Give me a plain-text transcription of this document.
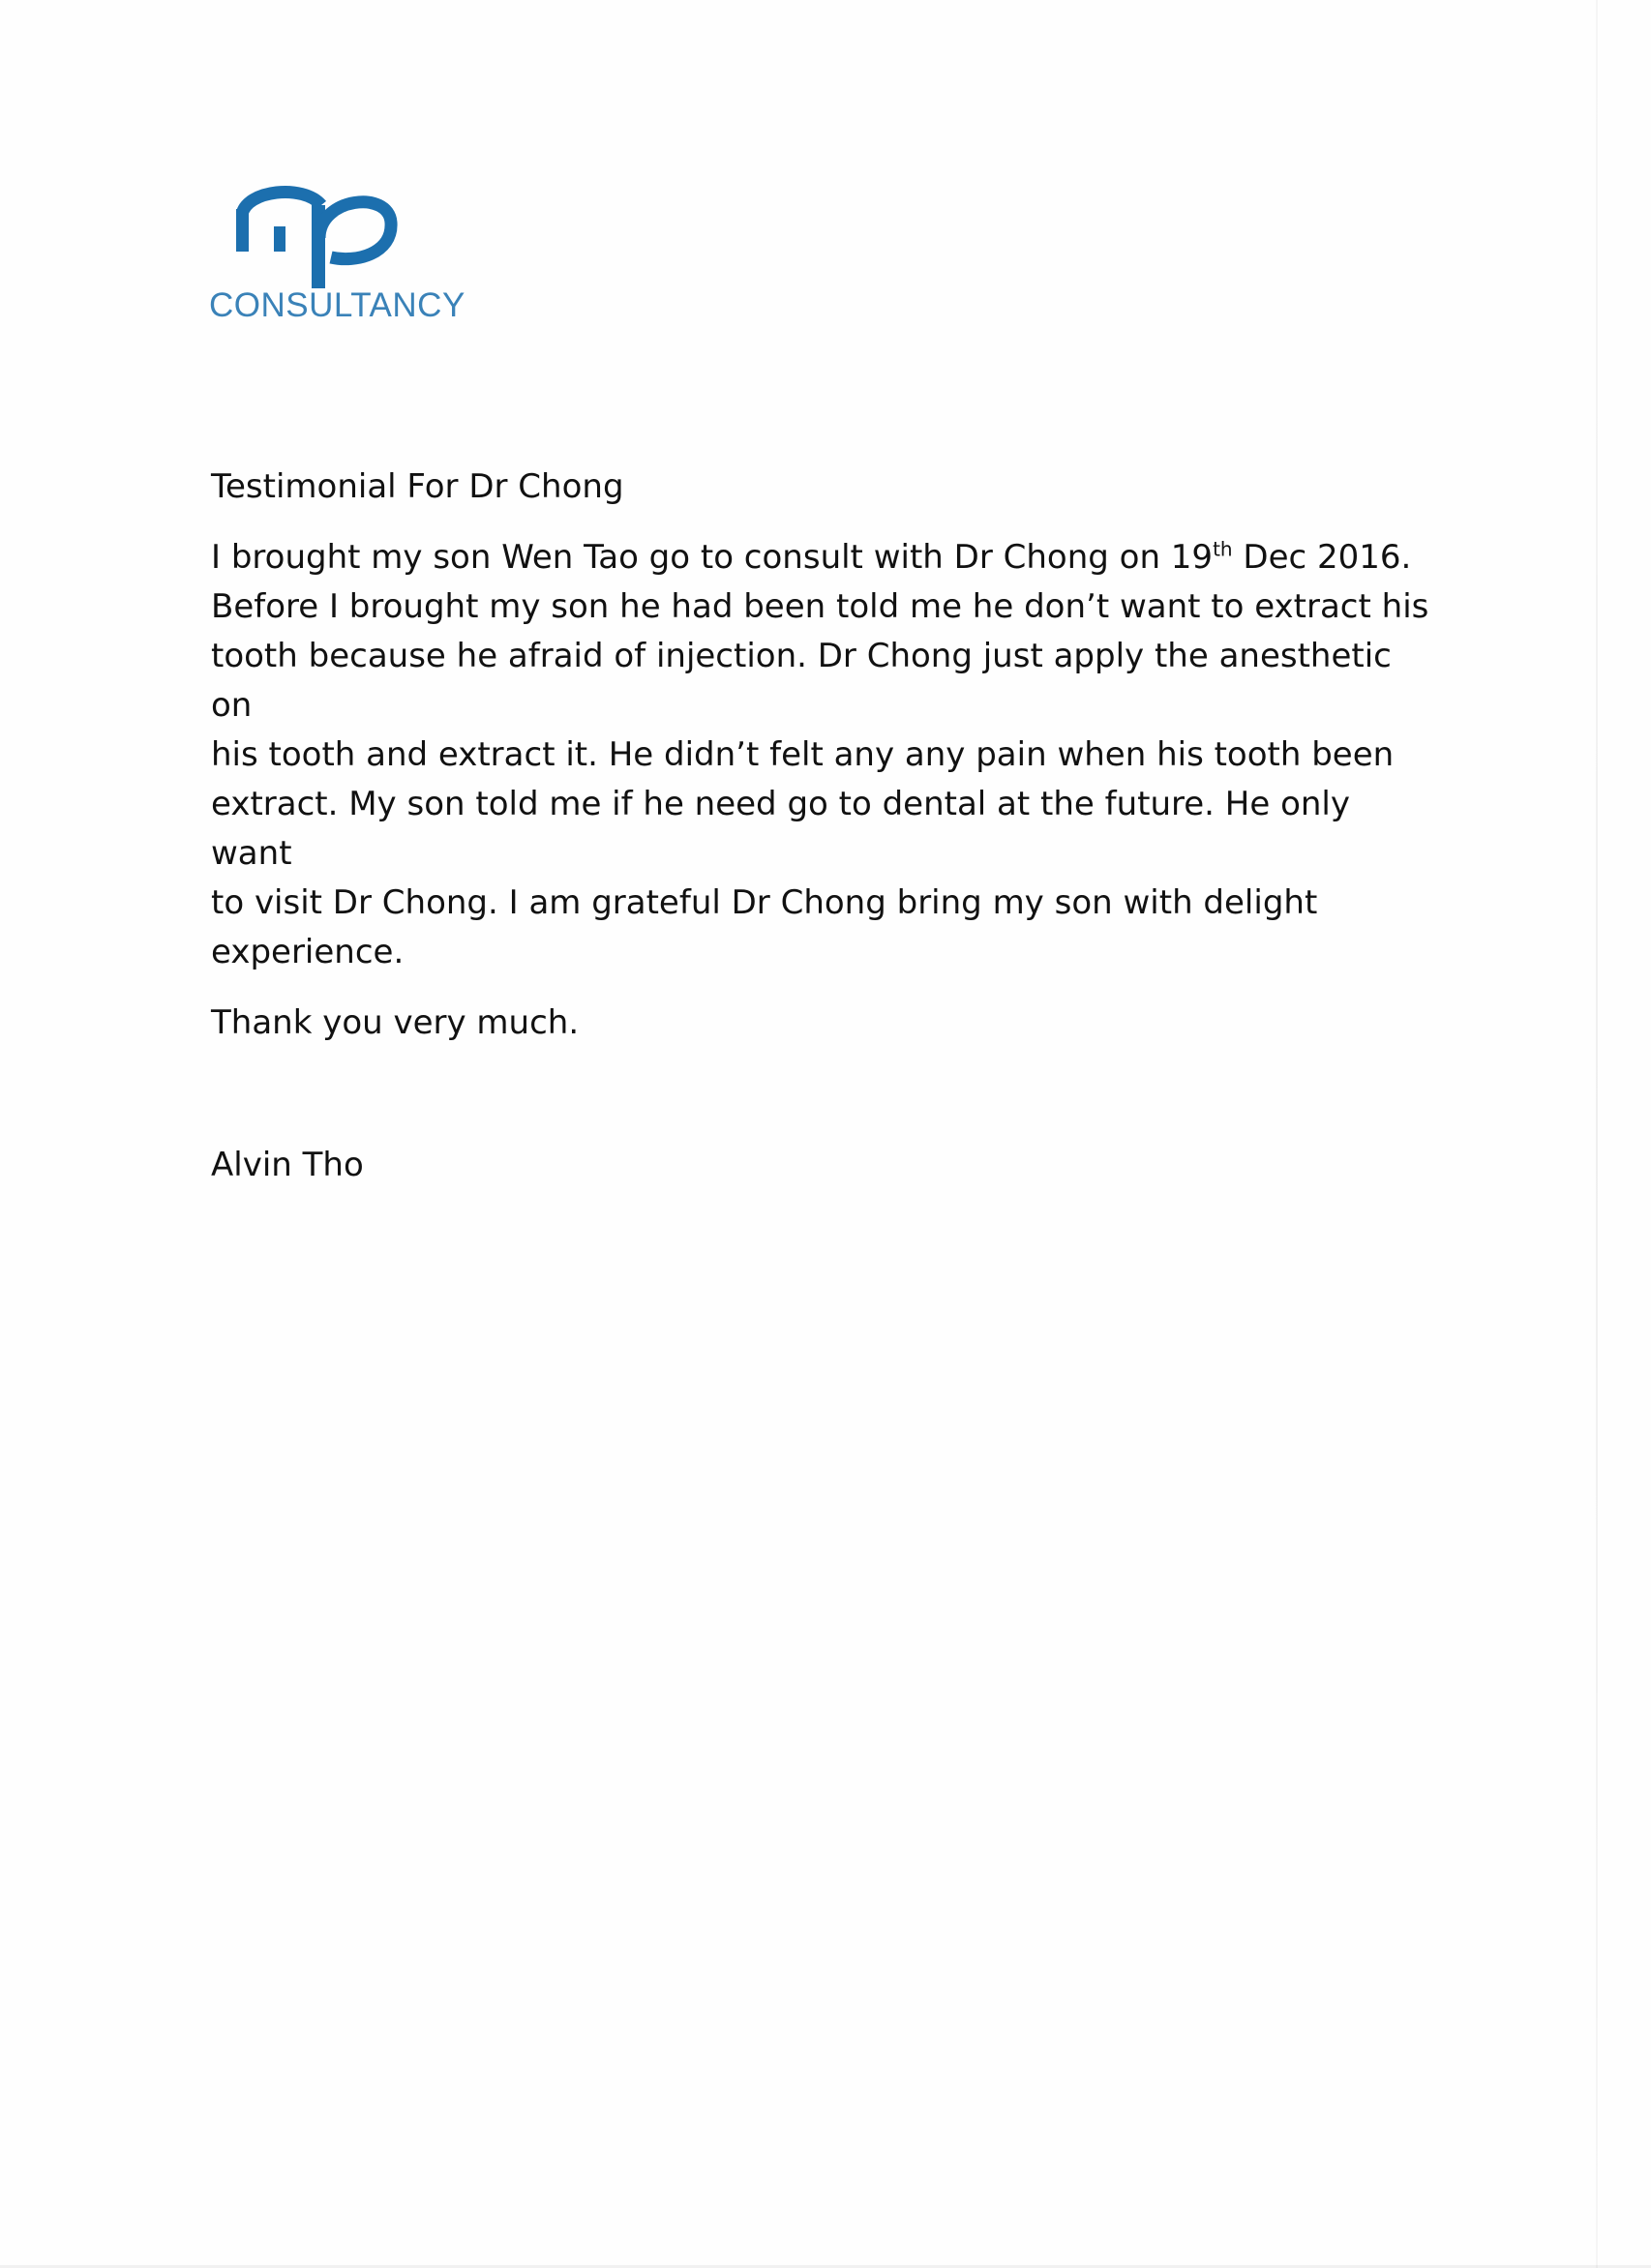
CONSULTANCY
Testimonial For Dr Chong

I brought my son Wen Tao go to consult with Dr Chong on 19th Dec 2016.

Before I brought my son he had been told me he don’t want to extract his

tooth because he afraid of injection. Dr Chong just apply the anesthetic on

his tooth and extract it. He didn’t felt any any pain when his tooth been

extract. My son told me if he need go to dental at the future. He only want

to visit Dr Chong. I am grateful Dr Chong bring my son with delight

experience.

Thank you very much.
Alvin Tho
